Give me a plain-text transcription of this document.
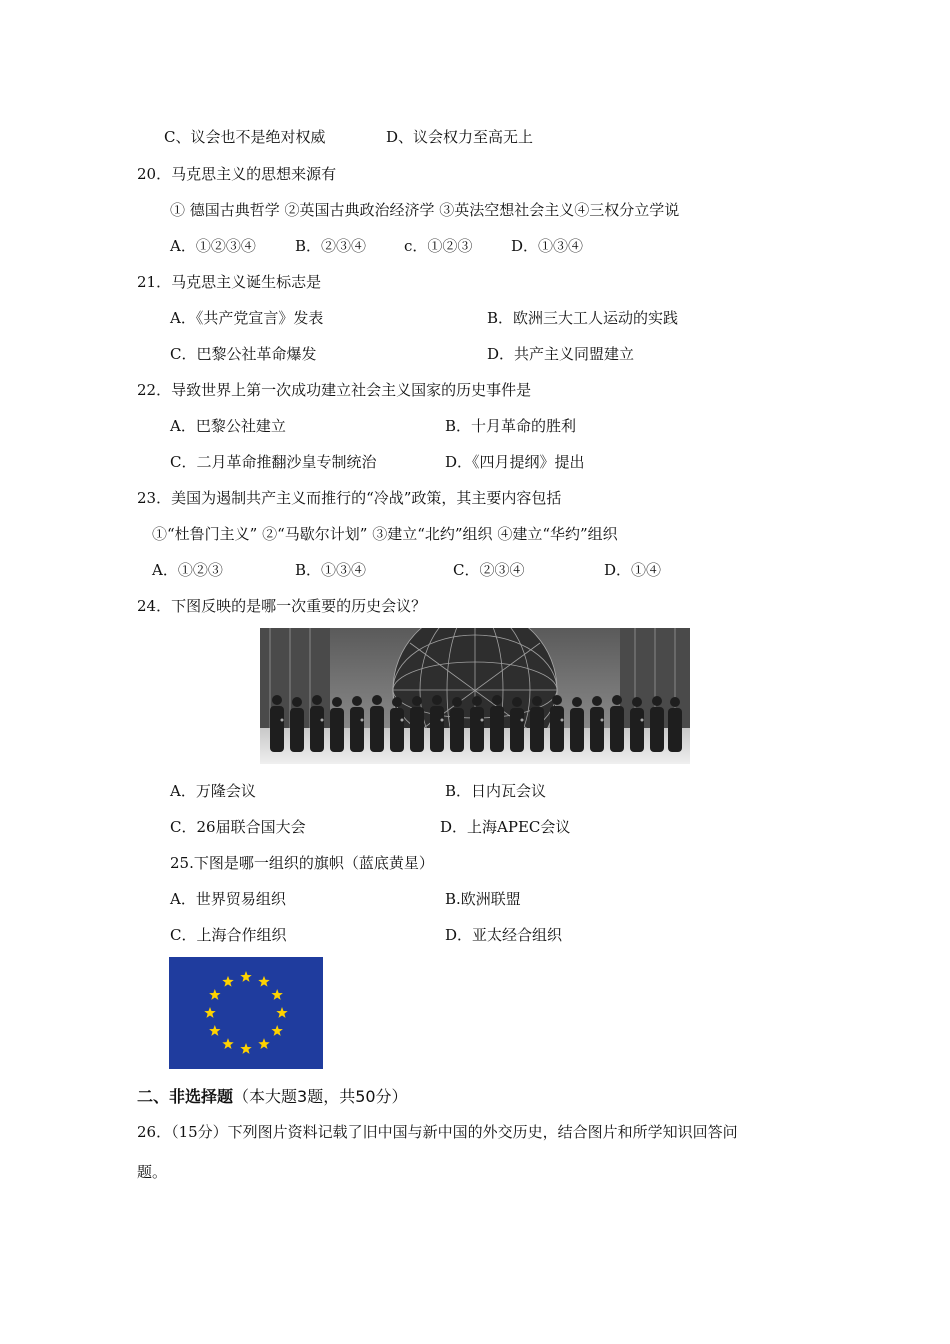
C、议会也不是绝对权威	D、议会权力至高无上
20．马克思主义的思想来源有
① 德国古典哲学 ②英国古典政治经济学 ③英法空想社会主义④三权分立学说
A．①②③④	B．②③④	c．①②③	D．①③④
21．马克思主义诞生标志是
A．《共产党宣言》发表	B．欧洲三大工人运动的实践
C．巴黎公社革命爆发	D．共产主义同盟建立
22．导致世界上第一次成功建立社会主义国家的历史事件是
A．巴黎公社建立	B．十月革命的胜利
C．二月革命推翻沙皇专制统治	D．《四月提纲》提出
23．美国为遏制共产主义而推行的“冷战”政策，其主要内容包括
①“杜鲁门主义” ②“马歇尔计划” ③建立“北约”组织 ④建立“华约”组织
A．①②③	B．①③④	C．②③④	D．①④
24．下图反映的是哪一次重要的历史会议？
A．万隆会议	B．日内瓦会议
C．26届联合国大会	D．上海APEC会议
25.下图是哪一组织的旗帜（蓝底黄星）
A．世界贸易组织	B.欧洲联盟
C．上海合作组织	D．亚太经合组织
二、非选择题（本大题3题，共50分）
26．（15分）下列图片资料记载了旧中国与新中国的外交历史，结合图片和所学知识回答问
题。
